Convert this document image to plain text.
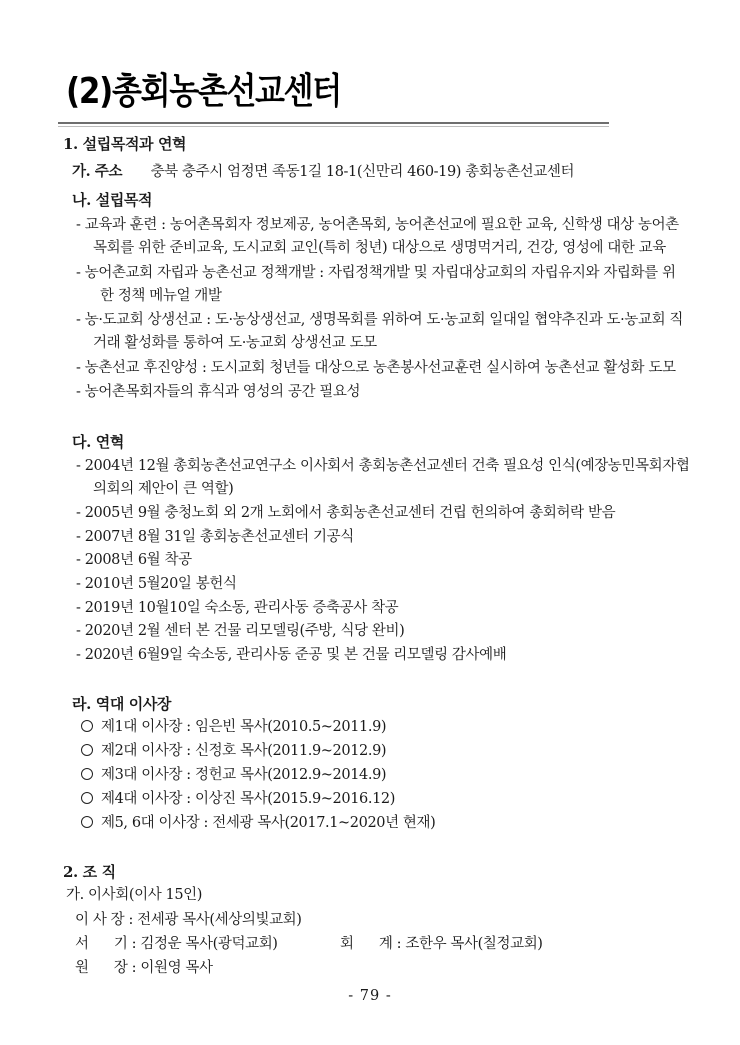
(2)총회농촌선교센터
1. 설립목적과 연혁
가. 주소 충북 충주시 엄정면 족동1길 18-1(신만리 460-19) 총회농촌선교센터
나. 설립목적
- 교육과 훈련 : 농어촌목회자 정보제공, 농어촌목회, 농어촌선교에 필요한 교육, 신학생 대상 농어촌
목회를 위한 준비교육, 도시교회 교인(특히 청년) 대상으로 생명먹거리, 건강, 영성에 대한 교육
- 농어촌교회 자립과 농촌선교 정책개발 : 자립정책개발 및 자립대상교회의 자립유지와 자립화를 위
한 정책 메뉴얼 개발
- 농·도교회 상생선교 : 도·농상생선교, 생명목회를 위하여 도·농교회 일대일 협약추진과 도·농교회 직
거래 활성화를 통하여 도·농교회 상생선교 도모
- 농촌선교 후진양성 : 도시교회 청년들 대상으로 농촌봉사선교훈련 실시하여 농촌선교 활성화 도모
- 농어촌목회자들의 휴식과 영성의 공간 필요성
다. 연혁
- 2004년 12월 총회농촌선교연구소 이사회서 총회농촌선교센터 건축 필요성 인식(예장농민목회자협
의회의 제안이 큰 역할)
- 2005년 9월 충청노회 외 2개 노회에서 총회농촌선교센터 건립 헌의하여 총회허락 받음
- 2007년 8월 31일 총회농촌선교센터 기공식
- 2008년 6월 착공
- 2010년 5월20일 봉헌식
- 2019년 10월10일 숙소동, 관리사동 증축공사 착공
- 2020년 2월 센터 본 건물 리모델링(주방, 식당 완비)
- 2020년 6월9일 숙소동, 관리사동 준공 및 본 건물 리모델링 감사예배
라. 역대 이사장
제1대 이사장 : 임은빈 목사(2010.5~2011.9)
제2대 이사장 : 신정호 목사(2011.9~2012.9)
제3대 이사장 : 정헌교 목사(2012.9~2014.9)
제4대 이사장 : 이상진 목사(2015.9~2016.12)
제5, 6대 이사장 : 전세광 목사(2017.1~2020년 현재)
2. 조 직
가. 이사회(이사 15인)
이 사 장 : 전세광 목사(세상의빛교회)
서      기 : 김정운 목사(광덕교회)	회      계 : 조한우 목사(칠정교회)
원      장 : 이원영 목사
- 79 -
